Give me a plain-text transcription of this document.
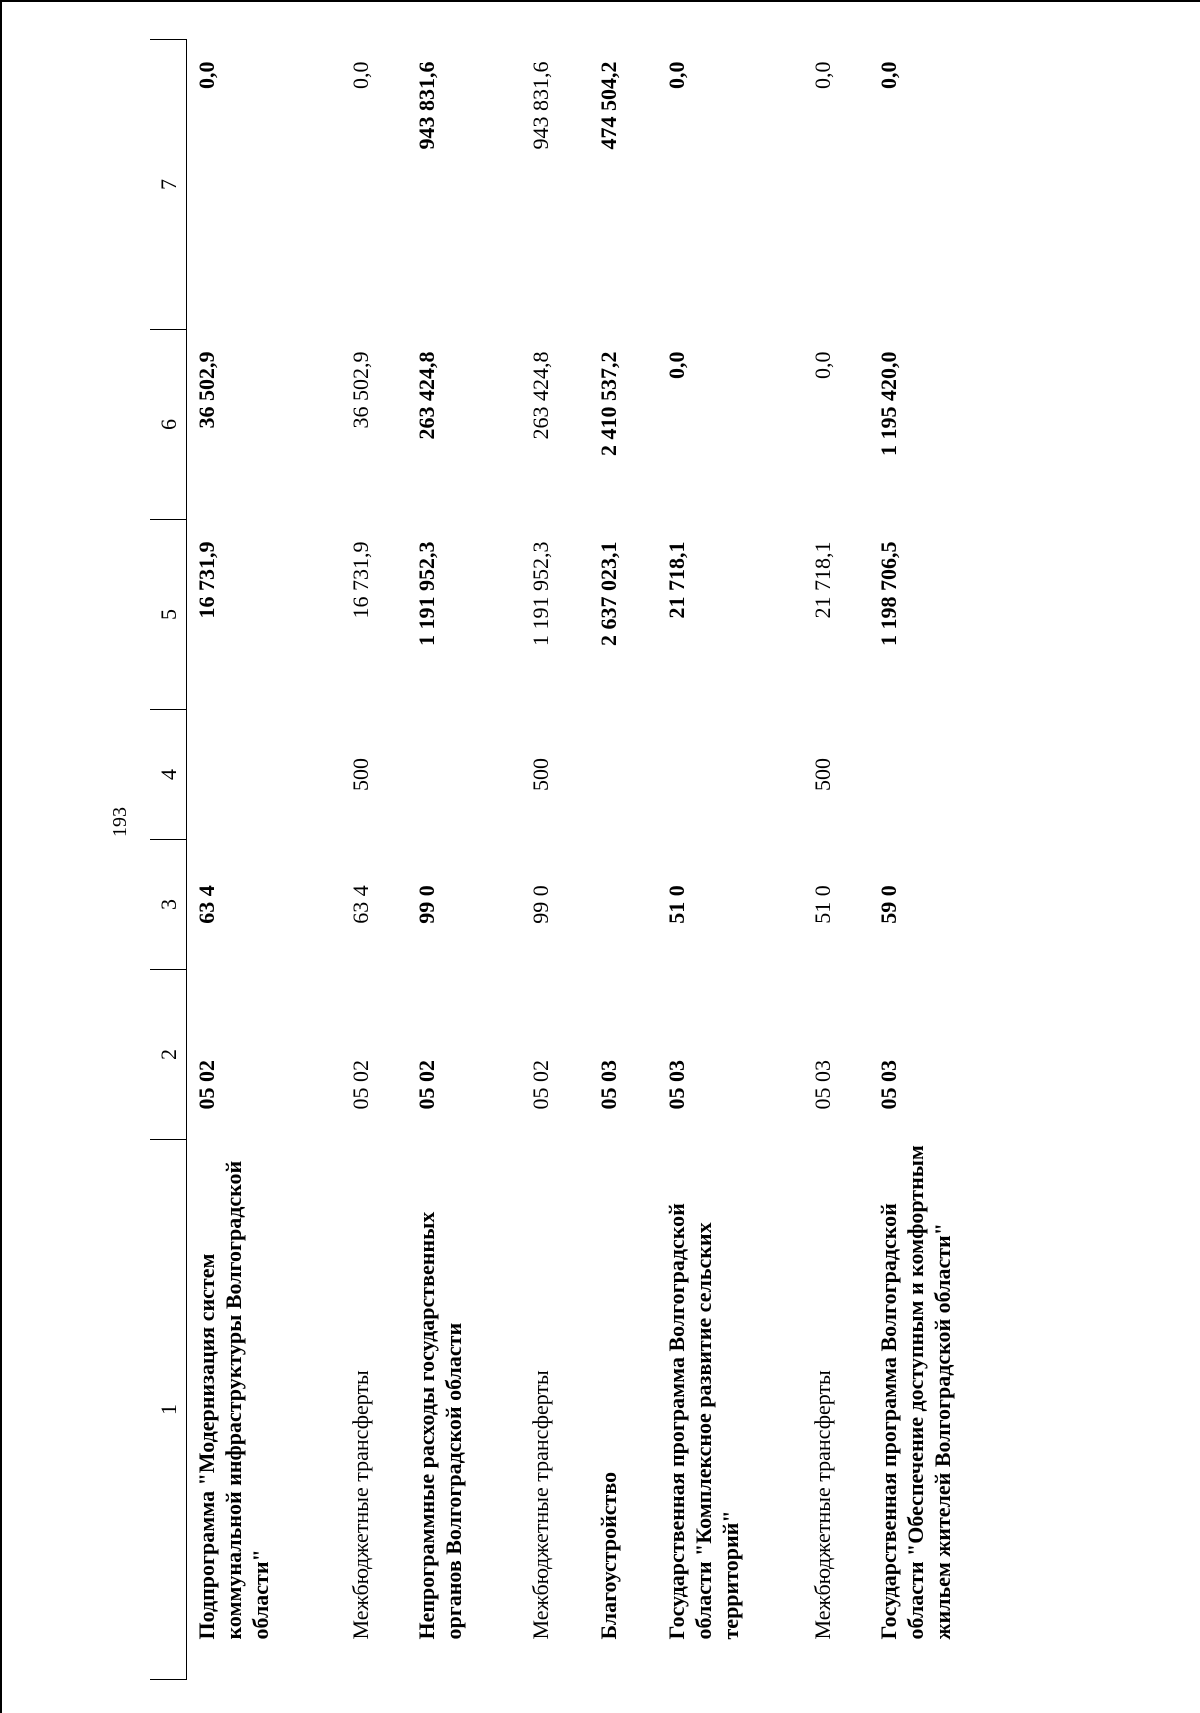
193
1	2	3	4	5	6	7
Подпрограмма "Модернизация систем коммунальной инфраструктуры Волгоградской области"	05 02	63 4		16 731,9	36 502,9	0,0
Межбюджетные трансферты	05 02	63 4	500	16 731,9	36 502,9	0,0
Непрограммные расходы государственных органов Волгоградской области	05 02	99 0		1 191 952,3	263 424,8	943 831,6
Межбюджетные трансферты	05 02	99 0	500	1 191 952,3	263 424,8	943 831,6
Благоустройство	05 03			2 637 023,1	2 410 537,2	474 504,2
Государственная программа Волгоградской области "Комплексное развитие сельских территорий"	05 03	51 0		21 718,1	0,0	0,0
Межбюджетные трансферты	05 03	51 0	500	21 718,1	0,0	0,0
Государственная программа Волгоградской области "Обеспечение доступным и комфортным жильем жителей Волгоградской области"	05 03	59 0		1 198 706,5	1 195 420,0	0,0
